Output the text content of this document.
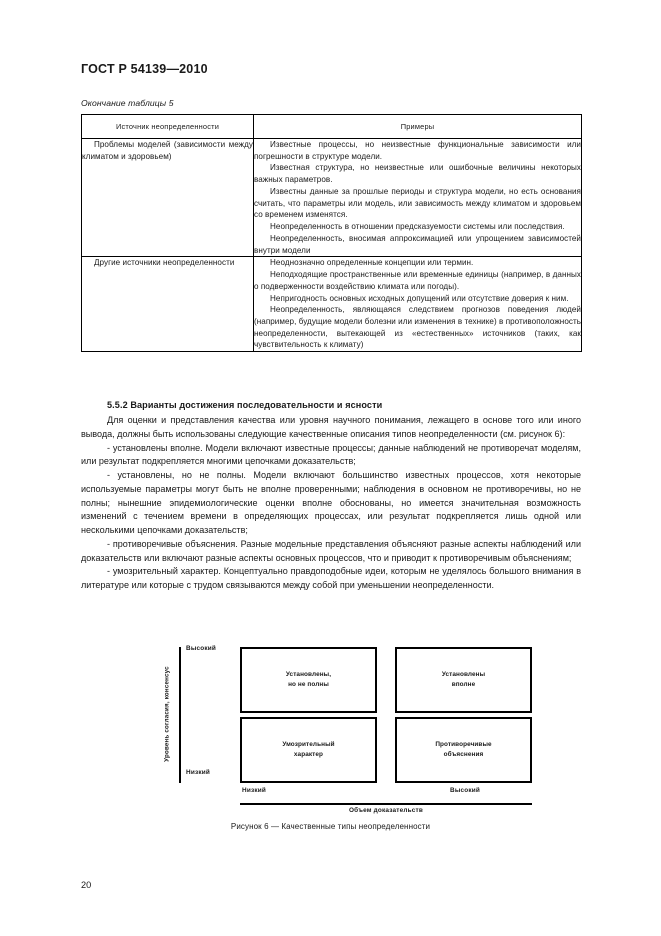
ГОСТ Р 54139—2010
Окончание таблицы 5
Источник неопределенности	Примеры

Проблемы моделей (зависимости между климатом и здоровьем)	Известные процессы, но неизвестные функциональные зависимости или погрешности в структуре модели.

Известная структура, но неизвестные или ошибочные величины некоторых важных параметров.

Известны данные за прошлые периоды и структура модели, но есть основания считать, что параметры или модель, или зависимость между климатом и здоровьем со временем изменятся.

Неопределенность в отношении предсказуемости системы или последствия.

Неопределенность, вносимая аппроксимацией или упрощением зависимостей внутри модели

Другие источники неопределенности	Неоднозначно определенные концепции или термин.

Неподходящие пространственные или временные единицы (например, в данных о подверженности воздействию климата или погоды).

Непригодность основных исходных допущений или отсутствие доверия к ним.

Неопределенность, являющаяся следствием прогнозов поведения людей (например, будущие модели болезни или изменения в технике) в противоположность неопределенности, вытекающей из «естественных» источников (таких, как чувствительность к климату)

5.5.2 Варианты достижения последовательности и ясности

Для оценки и представления качества или уровня научного понимания, лежащего в основе того или иного вывода, должны быть использованы следующие качественные описания типов неопределенности (см. рисунок 6):

- установлены вполне. Модели включают известные процессы; данные наблюдений не противоречат моделям, или результат подкрепляется многими цепочками доказательств;

- установлены, но не полны. Модели включают большинство известных процессов, хотя некоторые используемые параметры могут быть не вполне проверенными; наблюдения в основном не противоречивы, но не полны; нынешние эпидемиологические оценки вполне обоснованы, но имеется значительная возможность изменений с течением времени в определяющих процессах, или результат подкрепляется лишь одной или несколькими цепочками доказательств;

- противоречивые объяснения. Разные модельные представления объясняют разные аспекты наблюдений или доказательств или включают разные аспекты основных процессов, что и приводит к противоречивым объяснениям;

- умозрительный характер. Концептуально правдоподобные идеи, которым не уделялось большого внимания в литературе или которые с трудом связываются между собой при уменьшении неопределенности.

Уровень согласия, консенсус
Высокий
Низкий
Установлены,
но не полны
Установлены
вполне
Умозрительный
характер
Противоречивые
объяснения
Низкий	Высокий
Объем доказательств
Рисунок 6 — Качественные типы неопределенности
20
